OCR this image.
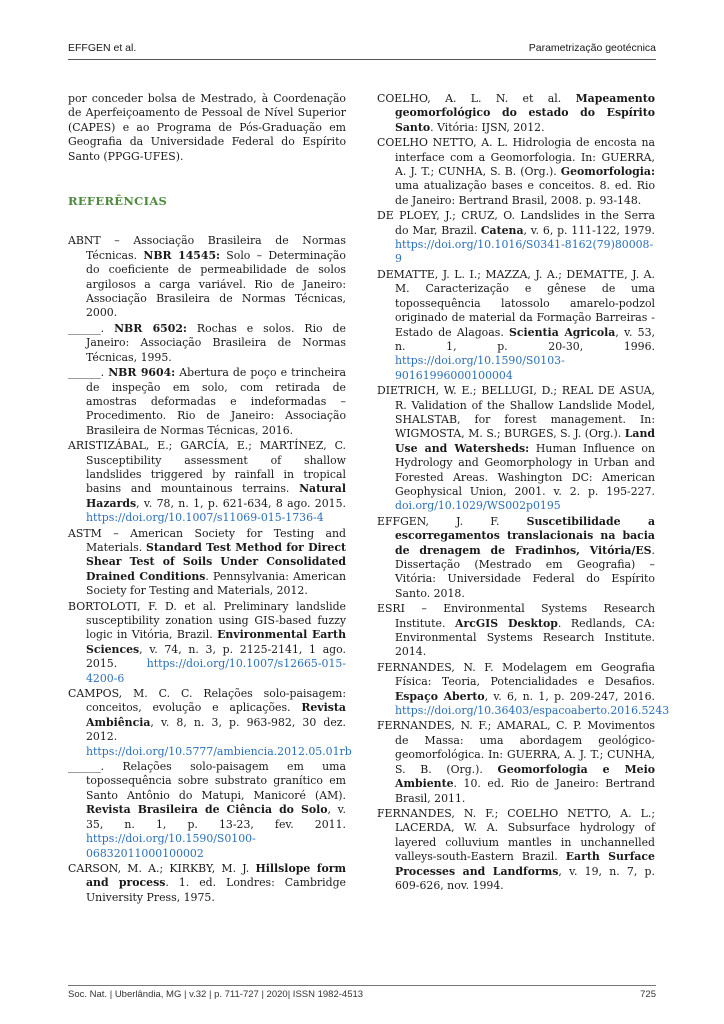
EFFGEN et al.	Parametrização geotécnica

por conceder bolsa de Mestrado, à Coordenação de Aperfeiçoamento de Pessoal de Nível Superior (CAPES) e ao Programa de Pós-Graduação em Geografia da Universidade Federal do Espírito Santo (PPGG-UFES).

REFERÊNCIAS

ABNT – Associação Brasileira de Normas Técnicas. NBR 14545: Solo – Determinação do coeficiente de permeabilidade de solos argilosos a carga variável. Rio de Janeiro: Associação Brasileira de Normas Técnicas, 2000.

______. NBR 6502: Rochas e solos. Rio de Janeiro: Associação Brasileira de Normas Técnicas, 1995.

______. NBR 9604: Abertura de poço e trincheira de inspeção em solo, com retirada de amostras deformadas e indeformadas – Procedimento. Rio de Janeiro: Associação Brasileira de Normas Técnicas, 2016.

ARISTIZÁBAL, E.; GARCÍA, E.; MARTÍNEZ, C. Susceptibility assessment of shallow landslides triggered by rainfall in tropical basins and mountainous terrains. Natural Hazards, v. 78, n. 1, p. 621-634, 8 ago. 2015. https://doi.org/10.1007/s11069-015-1736-4

ASTM – American Society for Testing and Materials. Standard Test Method for Direct Shear Test of Soils Under Consolidated Drained Conditions. Pennsylvania: American Society for Testing and Materials, 2012.

BORTOLOTI, F. D. et al. Preliminary landslide susceptibility zonation using GIS-based fuzzy logic in Vitória, Brazil. Environmental Earth Sciences, v. 74, n. 3, p. 2125-2141, 1 ago. 2015. https://doi.org/10.1007/s12665-015-4200-6

CAMPOS, M. C. C. Relações solo-paisagem: conceitos, evolução e aplicações. Revista Ambiência, v. 8, n. 3, p. 963-982, 30 dez. 2012. https://doi.org/10.5777/ambiencia.2012.05.01rb

______. Relações solo-paisagem em uma topossequência sobre substrato granítico em Santo Antônio do Matupi, Manicoré (AM). Revista Brasileira de Ciência do Solo, v. 35, n. 1, p. 13-23, fev. 2011. https://doi.org/10.1590/S0100-06832011000100002

CARSON, M. A.; KIRKBY, M. J. Hillslope form and process. 1. ed. Londres: Cambridge University Press, 1975.

COELHO, A. L. N. et al. Mapeamento geomorfológico do estado do Espírito Santo. Vitória: IJSN, 2012.

COELHO NETTO, A. L. Hidrologia de encosta na interface com a Geomorfologia. In: GUERRA, A. J. T.; CUNHA, S. B. (Org.). Geomorfologia: uma atualização bases e conceitos. 8. ed. Rio de Janeiro: Bertrand Brasil, 2008. p. 93-148.

DE PLOEY, J.; CRUZ, O. Landslides in the Serra do Mar, Brazil. Catena, v. 6, p. 111-122, 1979. https://doi.org/10.1016/S0341-8162(79)80008-9

DEMATTE, J. L. I.; MAZZA, J. A.; DEMATTE, J. A. M. Caracterização e gênese de uma topossequência latossolo amarelo-podzol originado de material da Formação Barreiras - Estado de Alagoas. Scientia Agricola, v. 53, n. 1, p. 20-30, 1996. https://doi.org/10.1590/S0103-90161996000100004

DIETRICH, W. E.; BELLUGI, D.; REAL DE ASUA, R. Validation of the Shallow Landslide Model, SHALSTAB, for forest management. In: WIGMOSTA, M. S.; BURGES, S. J. (Org.). Land Use and Watersheds: Human Influence on Hydrology and Geomorphology in Urban and Forested Areas. Washington DC: American Geophysical Union, 2001. v. 2. p. 195-227. doi.org/10.1029/WS002p0195

EFFGEN, J. F. Suscetibilidade a escorregamentos translacionais na bacia de drenagem de Fradinhos, Vitória/ES. Dissertação (Mestrado em Geografia) – Vitória: Universidade Federal do Espírito Santo. 2018.

ESRI – Environmental Systems Research Institute. ArcGIS Desktop. Redlands, CA: Environmental Systems Research Institute. 2014.

FERNANDES, N. F. Modelagem em Geografia Física: Teoria, Potencialidades e Desafios. Espaço Aberto, v. 6, n. 1, p. 209-247, 2016. https://doi.org/10.36403/espacoaberto.2016.5243

FERNANDES, N. F.; AMARAL, C. P. Movimentos de Massa: uma abordagem geológico-geomorfológica. In: GUERRA, A. J. T.; CUNHA, S. B. (Org.). Geomorfologia e Meio Ambiente. 10. ed. Rio de Janeiro: Bertrand Brasil, 2011.

FERNANDES, N. F.; COELHO NETTO, A. L.; LACERDA, W. A. Subsurface hydrology of layered colluvium mantles in unchannelled valleys-south-Eastern Brazil. Earth Surface Processes and Landforms, v. 19, n. 7, p. 609-626, nov. 1994.

Soc. Nat. | Uberlândia, MG | v.32 | p. 711-727 | 2020| ISSN 1982-4513	725
